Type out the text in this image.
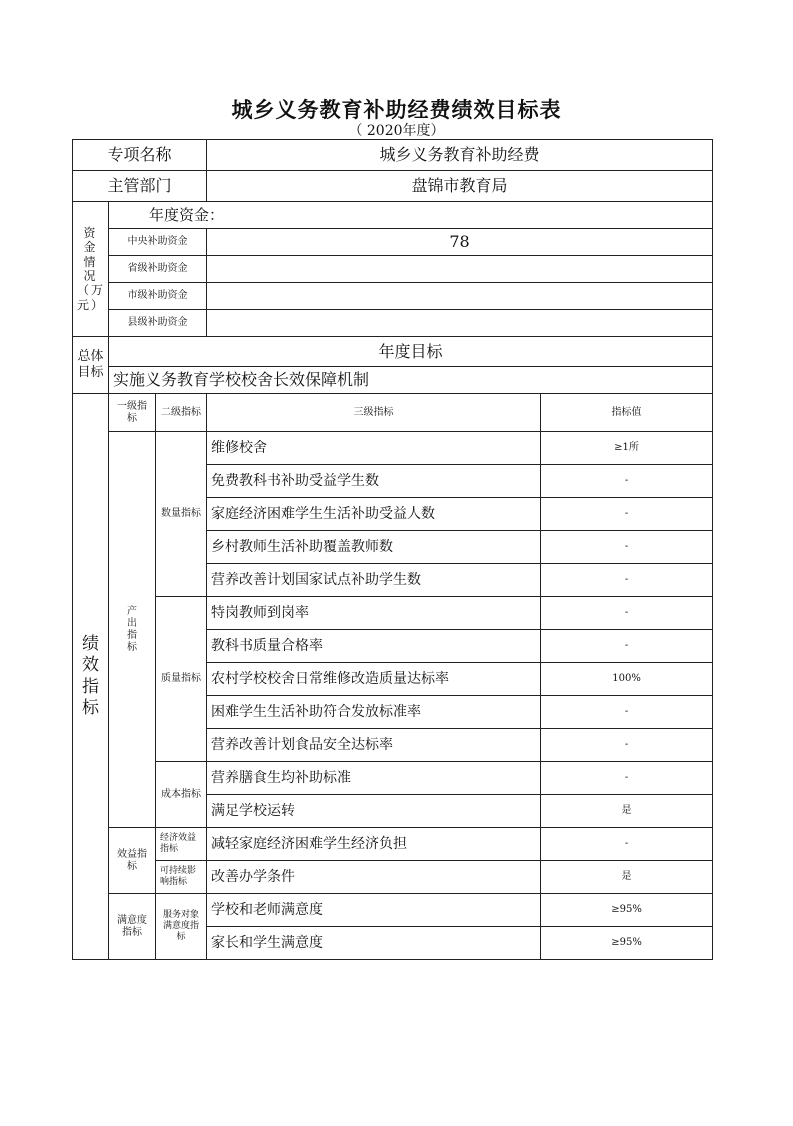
城乡义务教育补助经费绩效目标表
（ 2020年度）
专项名称			城乡义务教育补助经费	
主管部门			盘锦市教育局	
资金情况（万元）	年度资金：			
	中央补助资金		78	
	省级补助资金			
	市级补助资金			
	县级补助资金			
总体目标	年度目标			
	实施义务教育学校校舍长效保障机制			
绩效指标	一级指标	二级指标	三级指标	指标值
	产出指标	数量指标	维修校舍	≥1所
			免费教科书补助受益学生数	-
			家庭经济困难学生生活补助受益人数	-
			乡村教师生活补助覆盖教师数	-
			营养改善计划国家试点补助学生数	-
		质量指标	特岗教师到岗率	-
			教科书质量合格率	-
			农村学校校舍日常维修改造质量达标率	100%
			困难学生生活补助符合发放标准率	-
			营养改善计划食品安全达标率	-
		成本指标	营养膳食生均补助标准	-
			满足学校运转	是
	效益指标	经济效益指标	减轻家庭经济困难学生经济负担	-
		可持续影响指标	改善办学条件	是
	满意度指标	服务对象满意度指标	学校和老师满意度	≥95%
			家长和学生满意度	≥95%
